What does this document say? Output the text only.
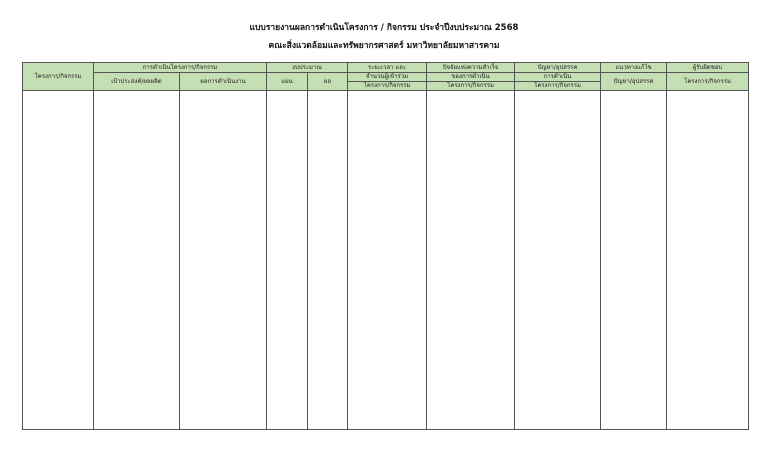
แบบรายงานผลการดำเนินโครงการ / กิจกรรม ประจำปีงบประมาณ 2568
คณะสิ่งแวดล้อมและทรัพยากรศาสตร์ มหาวิทยาลัยมหาสารคาม
โครงการ/กิจกรรม	การดำเนินโครงการ/กิจกรรม		งบประมาณ		ระยะเวลา และ	ปัจจัยแห่งความสำเร็จ	ปัญหา/อุปสรรค	แนวทางแก้ไข	ผู้รับผิดชอบ
	เป้าประสงค์/ผลผลิต	ผลการดำเนินงาน	แผน	ผล	จำนวนผู้เข้าร่วม	ของการดำเนิน	การดำเนิน	ปัญหา/อุปสรรค	โครงการ/กิจกรรม
					โครงการ/กิจกรรม	โครงการ/กิจกรรม	โครงการ/กิจกรรม		
